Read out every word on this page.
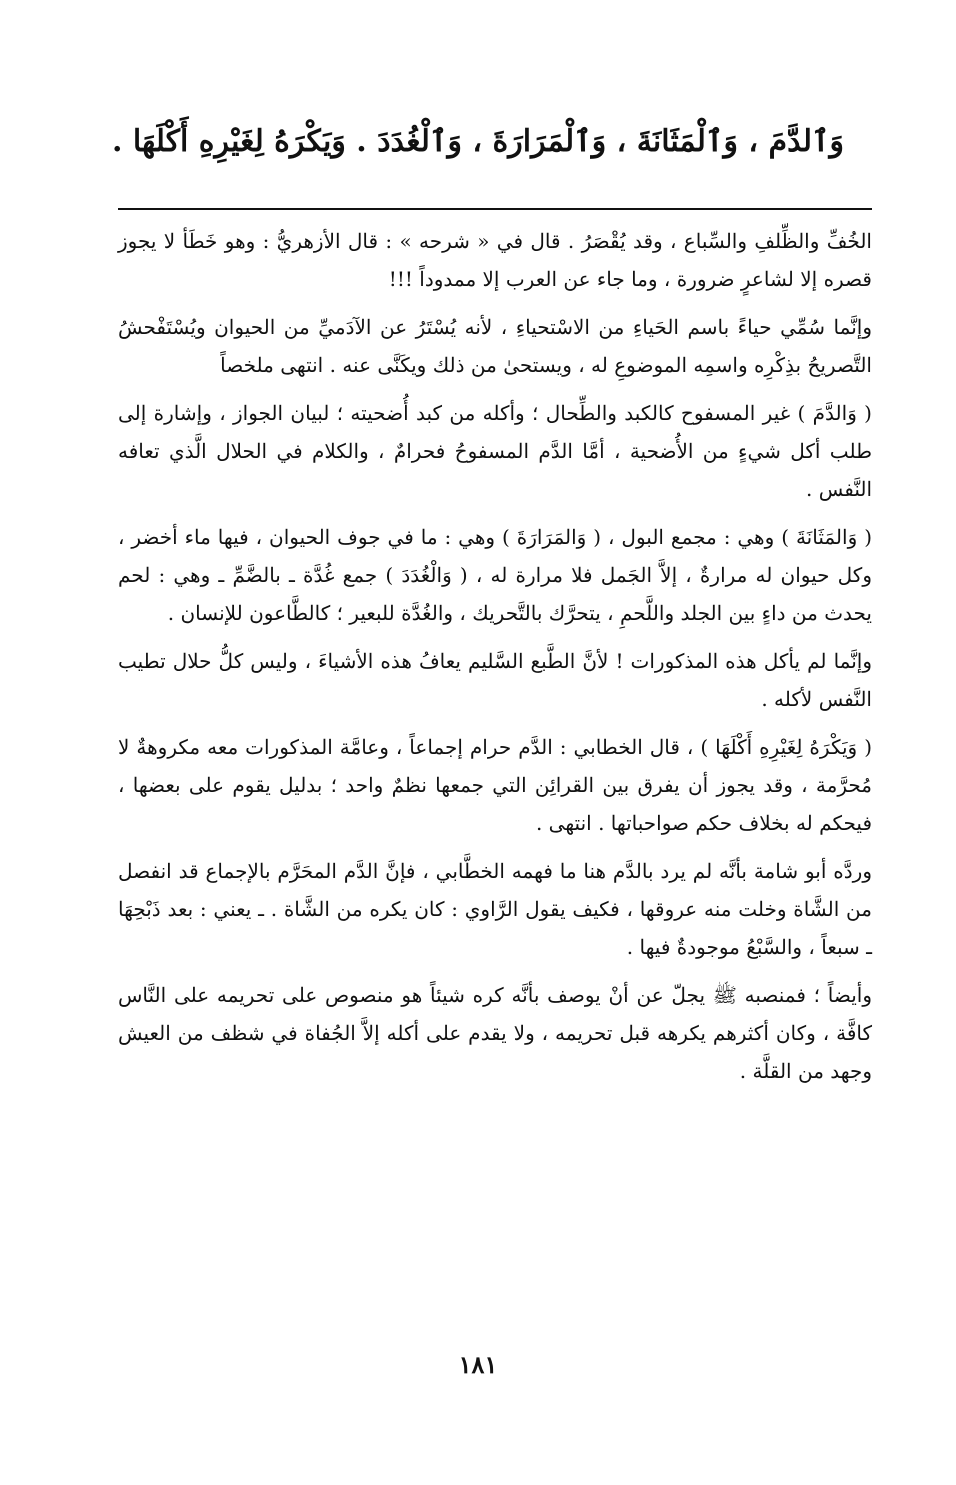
وَٱلدَّمَ ، وَٱلْمَثَانَةَ ، وَٱلْمَرَارَةَ ، وَٱلْغُدَدَ . وَيَكْرَهُ لِغَيْرِهِ أَكْلَهَا .

الخُفِّ والظِّلفِ والسِّباع ، وقد يُقْصَرُ . قال في « شرحه » : قال الأزهريُّ : وهو خَطَأ لا يجوز قصره إلا لشاعرٍ ضرورة ، وما جاء عن العرب إلا ممدوداً !!!

وإنَّما سُمِّي حياءً باسم الحَياءِ من الاسْتحياءِ ، لأنه يُسْتَرُ عن الآدَميِّ من الحيوان ويُسْتَفْحشُ التَّصريحُ بذِكْرِه واسمِه الموضوعِ له ، ويستحىٰ من ذلك ويكَنَّى عنه . انتهى ملخصاً

( وَالدَّمَ ) غير المسفوح كالكبد والطِّحال ؛ وأكله من كبد أُضحيته ؛ لبيان الجواز ، وإشارة إلى طلب أكل شيءٍ من الأُضحية ، أمَّا الدَّم المسفوحُ فحرامٌ ، والكلام في الحلال الَّذي تعافه النَّفس .

( وَالمَثَانَةَ ) وهي : مجمع البول ، ( وَالمَرَارَةَ ) وهي : ما في جوف الحيوان ، فيها ماء أخضر ، وكل حيوان له مرارةٌ ، إلاَّ الجَمل فلا مرارة له ، ( وَالْغُدَدَ ) جمع غُدَّة ـ بالضَّمِّ ـ وهي : لحم يحدث من داءٍ بين الجلد واللَّحمِ ، يتحرَّك بالتَّحريك ، والغُدَّة للبعير ؛ كالطَّاعون للإنسان .

وإنَّما لم يأكل هذه المذكورات ! لأنَّ الطَّبع السَّليم يعافُ هذه الأشياءَ ، وليس كلُّ حلال تطيب النَّفس لأكله .

( وَيَكْرَهُ لِغَيْرِهِ أَكْلَهَا ) ، قال الخطابي : الدَّم حرام إجماعاً ، وعامَّة المذكورات معه مكروهةٌ لا مُحرَّمة ، وقد يجوز أن يفرق بين القرائِن التي جمعها نظمٌ واحد ؛ بدليل يقوم على بعضها ، فيحكم له بخلاف حكم صواحباتها . انتهى .

وردَّه أبو شامة بأنَّه لم يرد بالدَّم هنا ما فهمه الخطَّابي ، فإنَّ الدَّم المحَرَّم بالإجماع قد انفصل من الشَّاة وخلت منه عروقها ، فكيف يقول الرَّاوي : كان يكره من الشَّاة . ـ يعني : بعد ذَبْحِهَا ـ سبعاً ، والسَّبْعُ موجودةٌ فيها .

وأيضاً ؛ فمنصبه ﷺ يجلّ عن أنْ يوصف بأنَّه كره شيئاً هو منصوص على تحريمه على النَّاس كافَّة ، وكان أكثرهم يكرهه قبل تحريمه ، ولا يقدم على أكله إلاَّ الجُفاة في شظف من العيش وجهد من القلَّة .

١٨١
